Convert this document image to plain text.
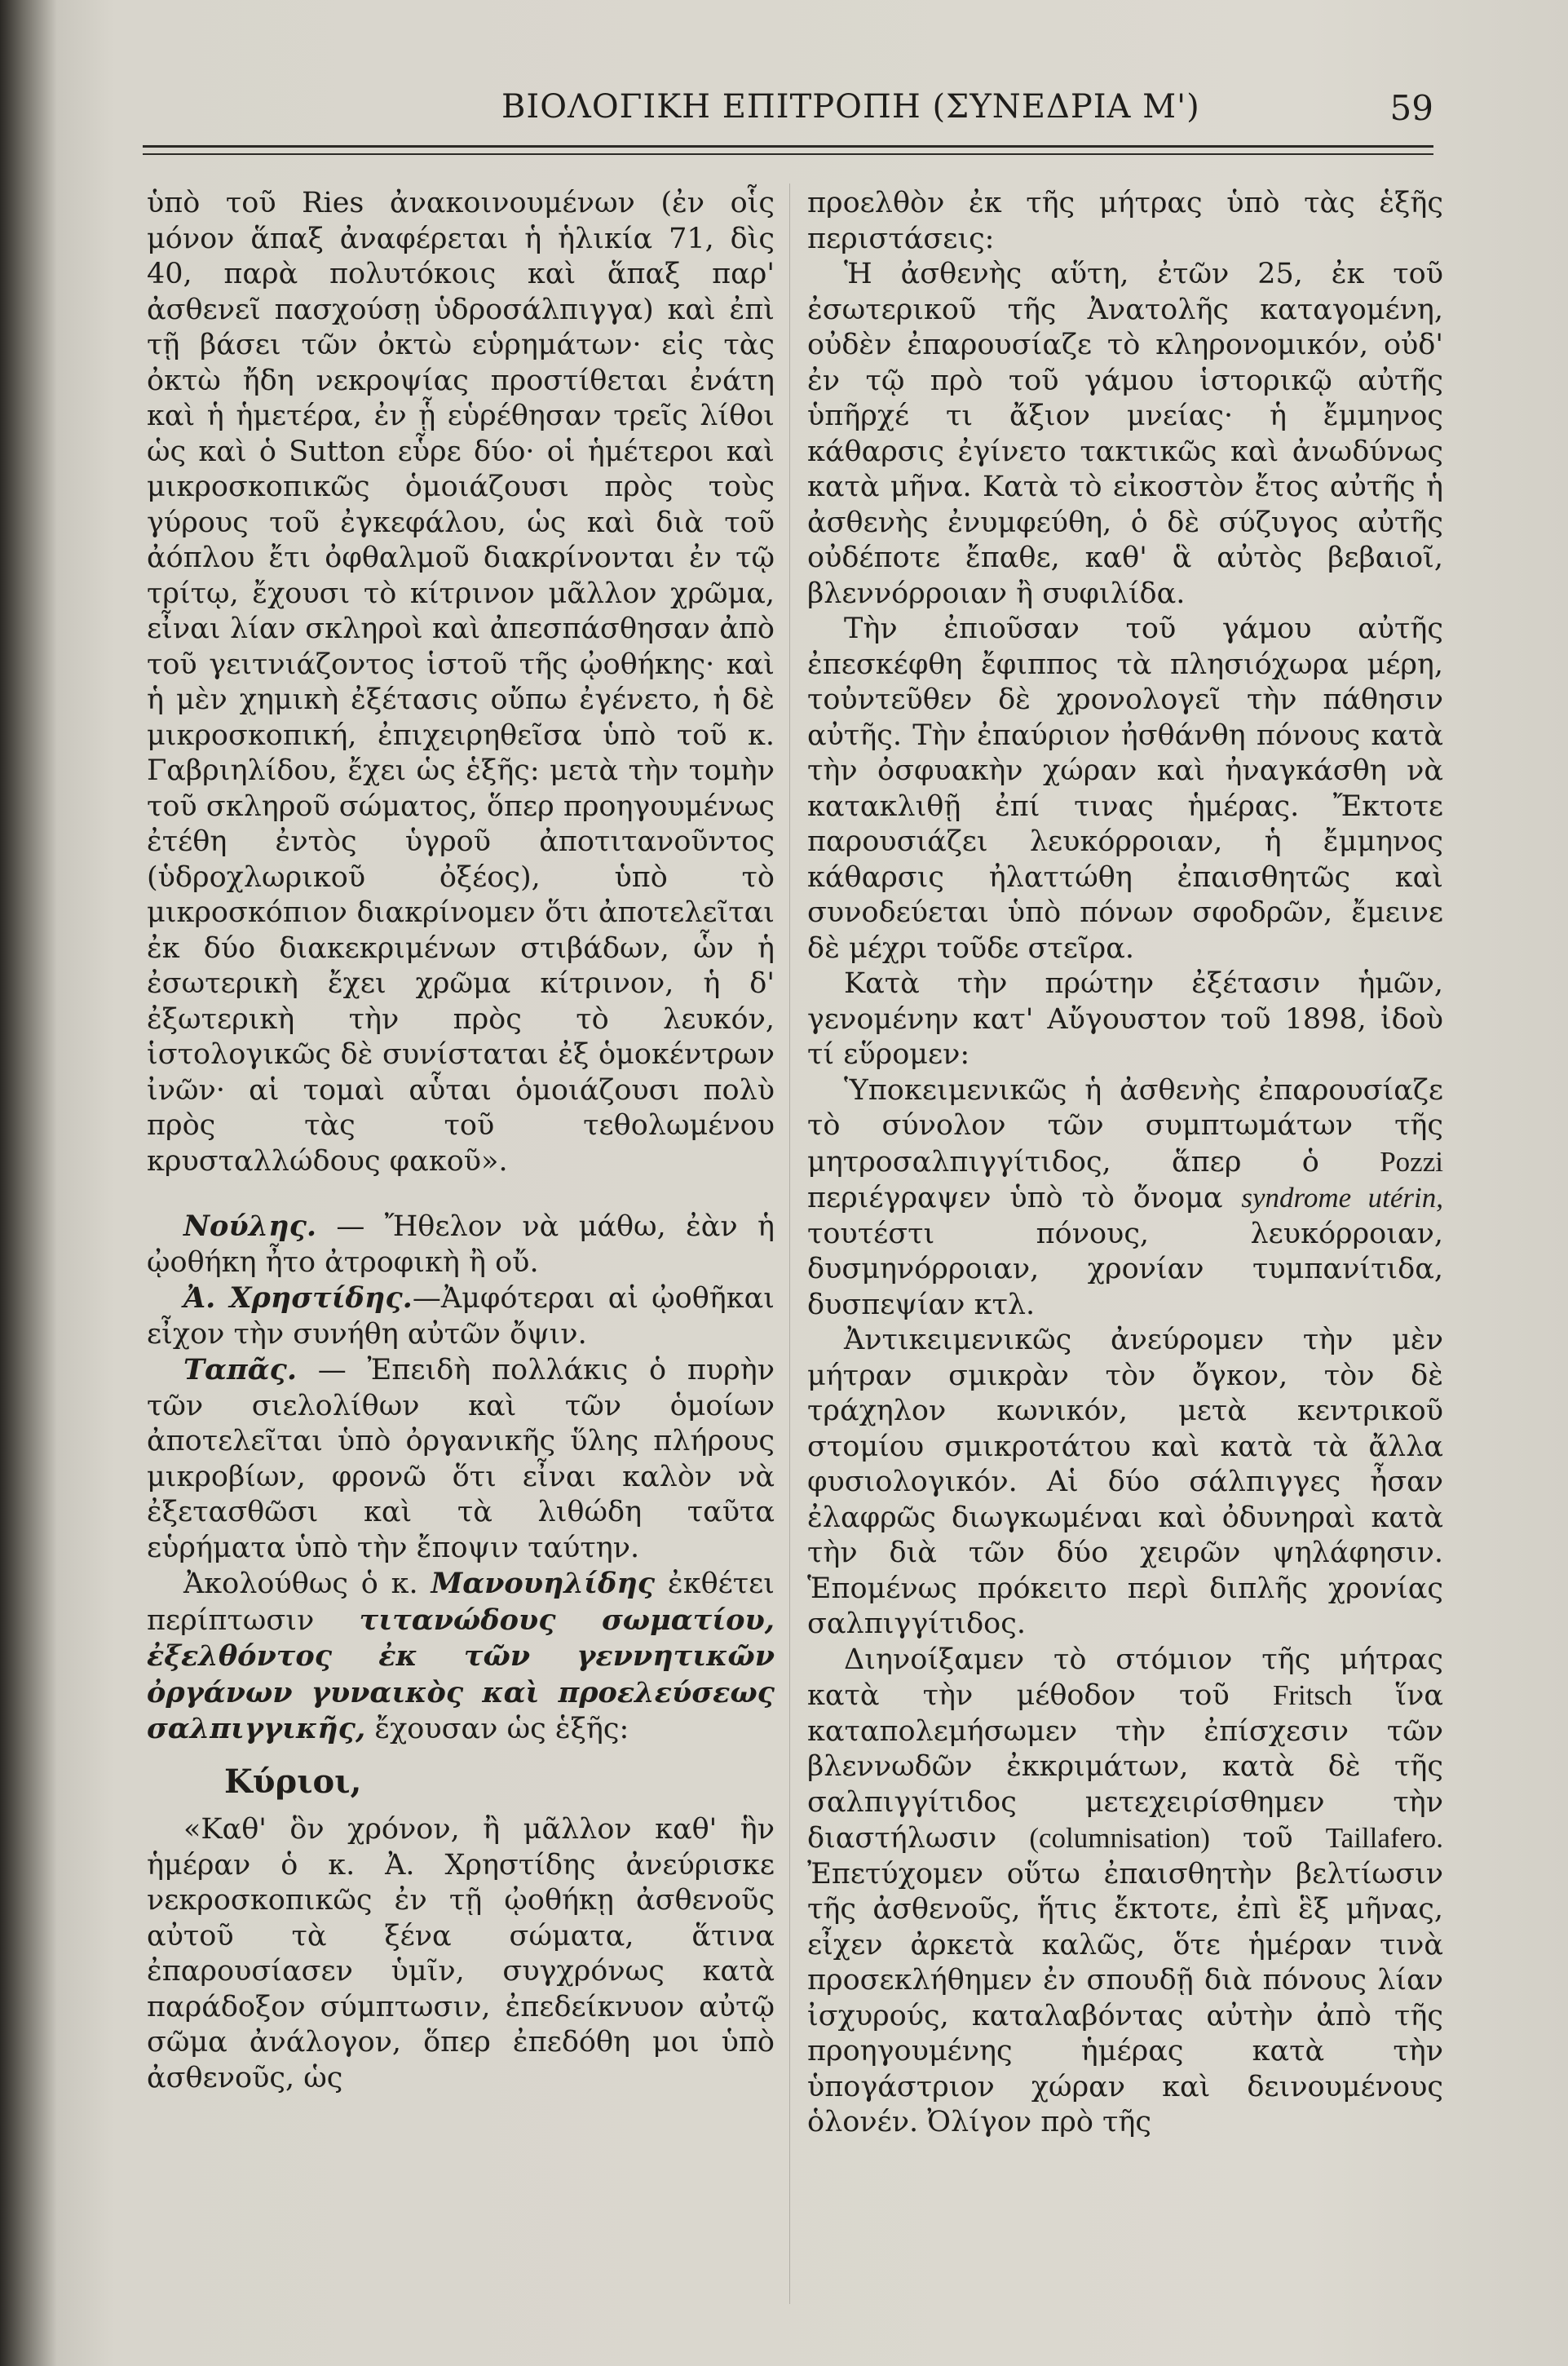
ΒΙΟΛΟΓΙΚΗ ΕΠΙΤΡΟΠΗ (ΣΥΝΕΔΡΙΑ Μ')	59

ὑπὸ τοῦ Ries ἀνακοινουμένων (ἐν οἷς μόνον ἅπαξ ἀναφέρεται ἡ ἡλικία 71, δὶς 40, παρὰ πολυτόκοις καὶ ἅπαξ παρ' ἀσθενεῖ πασχούσῃ ὑδροσάλπιγγα) καὶ ἐπὶ τῇ βάσει τῶν ὀκτὼ εὑρημάτων· εἰς τὰς ὀκτὼ ἤδη νεκροψίας προστίθεται ἐνάτη καὶ ἡ ἡμετέρα, ἐν ᾗ εὑρέθησαν τρεῖς λίθοι ὡς καὶ ὁ Sutton εὗρε δύο· οἱ ἡμέτεροι καὶ μικροσκοπικῶς ὁμοιάζουσι πρὸς τοὺς γύρους τοῦ ἐγκεφάλου, ὡς καὶ διὰ τοῦ ἀόπλου ἔτι ὀφθαλμοῦ διακρίνονται ἐν τῷ τρίτῳ, ἔχουσι τὸ κίτρινον μᾶλλον χρῶμα, εἶναι λίαν σκληροὶ καὶ ἀπεσπάσθησαν ἀπὸ τοῦ γειτνιάζοντος ἱστοῦ τῆς ᾠοθήκης· καὶ ἡ μὲν χημικὴ ἐξέτασις οὔπω ἐγένετο, ἡ δὲ μικροσκοπική, ἐπιχειρηθεῖσα ὑπὸ τοῦ κ. Γαβριηλίδου, ἔχει ὡς ἑξῆς: μετὰ τὴν τομὴν τοῦ σκληροῦ σώματος, ὅπερ προηγουμένως ἐτέθη ἐντὸς ὑγροῦ ἀποτιτανοῦντος (ὑδροχλωρικοῦ ὀξέος), ὑπὸ τὸ μικροσκόπιον διακρίνομεν ὅτι ἀποτελεῖται ἐκ δύο διακεκριμένων στιβάδων, ὧν ἡ ἐσωτερικὴ ἔχει χρῶμα κίτρινον, ἡ δ' ἐξωτερικὴ τὴν πρὸς τὸ λευκόν, ἱστολογικῶς δὲ συνίσταται ἐξ ὁμοκέντρων ἰνῶν· αἱ τομαὶ αὗται ὁμοιάζουσι πολὺ πρὸς τὰς τοῦ τεθολωμένου κρυσταλλώδους φακοῦ».

Νούλης. — Ἤθελον νὰ μάθω, ἐὰν ἡ ᾠοθήκη ἦτο ἀτροφικὴ ἢ οὔ.

Ἀ. Χρηστίδης.—Ἀμφότεραι αἱ ᾠοθῆκαι εἶχον τὴν συνήθη αὐτῶν ὄψιν.

Ταπᾶς. — Ἐπειδὴ πολλάκις ὁ πυρὴν τῶν σιελολίθων καὶ τῶν ὁμοίων ἀποτελεῖται ὑπὸ ὀργανικῆς ὕλης πλήρους μικροβίων, φρονῶ ὅτι εἶναι καλὸν νὰ ἐξετασθῶσι καὶ τὰ λιθώδη ταῦτα εὑρήματα ὑπὸ τὴν ἔποψιν ταύτην.

Ἀκολούθως ὁ κ. Μανουηλίδης ἐκθέτει περίπτωσιν τιτανώδους σωματίου, ἐξελθόντος ἐκ τῶν γεννητικῶν ὀργάνων γυναικὸς καὶ προελεύσεως σαλπιγγικῆς, ἔχουσαν ὡς ἑξῆς:

Κύριοι,

«Καθ' ὃν χρόνον, ἢ μᾶλλον καθ' ἣν ἡμέραν ὁ κ. Ἀ. Χρηστίδης ἀνεύρισκε νεκροσκοπικῶς ἐν τῇ ᾠοθήκῃ ἀσθενοῦς αὐτοῦ τὰ ξένα σώματα, ἅτινα ἐπαρουσίασεν ὑμῖν, συγχρόνως κατὰ παράδοξον σύμπτωσιν, ἐπεδείκνυον αὐτῷ σῶμα ἀνάλογον, ὅπερ ἐπεδόθη μοι ὑπὸ ἀσθενοῦς, ὡς

προελθὸν ἐκ τῆς μήτρας ὑπὸ τὰς ἑξῆς περιστάσεις:

Ἡ ἀσθενὴς αὕτη, ἐτῶν 25, ἐκ τοῦ ἐσωτερικοῦ τῆς Ἀνατολῆς καταγομένη, οὐδὲν ἐπαρουσίαζε τὸ κληρονομικόν, οὐδ' ἐν τῷ πρὸ τοῦ γάμου ἱστορικῷ αὐτῆς ὑπῆρχέ τι ἄξιον μνείας· ἡ ἔμμηνος κάθαρσις ἐγίνετο τακτικῶς καὶ ἀνωδύνως κατὰ μῆνα. Κατὰ τὸ εἰκοστὸν ἔτος αὐτῆς ἡ ἀσθενὴς ἐνυμφεύθη, ὁ δὲ σύζυγος αὐτῆς οὐδέποτε ἔπαθε, καθ' ἃ αὐτὸς βεβαιοῖ, βλεννόρροιαν ἢ συφιλίδα.

Τὴν ἐπιοῦσαν τοῦ γάμου αὐτῆς ἐπεσκέφθη ἔφιππος τὰ πλησιόχωρα μέρη, τοὐντεῦθεν δὲ χρονολογεῖ τὴν πάθησιν αὐτῆς. Τὴν ἐπαύριον ἠσθάνθη πόνους κατὰ τὴν ὀσφυακὴν χώραν καὶ ἠναγκάσθη νὰ κατακλιθῇ ἐπί τινας ἡμέρας. Ἔκτοτε παρουσιάζει λευκόρροιαν, ἡ ἔμμηνος κάθαρσις ἠλαττώθη ἐπαισθητῶς καὶ συνοδεύεται ὑπὸ πόνων σφοδρῶν, ἔμεινε δὲ μέχρι τοῦδε στεῖρα.

Κατὰ τὴν πρώτην ἐξέτασιν ἡμῶν, γενομένην κατ' Αὔγουστον τοῦ 1898, ἰδοὺ τί εὕρομεν:

Ὑποκειμενικῶς ἡ ἀσθενὴς ἐπαρουσίαζε τὸ σύνολον τῶν συμπτωμάτων τῆς μητροσαλπιγγίτιδος, ἅπερ ὁ Pozzi περιέγραψεν ὑπὸ τὸ ὄνομα syndrome utérin, τουτέστι πόνους, λευκόρροιαν, δυσμηνόρροιαν, χρονίαν τυμπανίτιδα, δυσπεψίαν κτλ.

Ἀντικειμενικῶς ἀνεύρομεν τὴν μὲν μήτραν σμικρὰν τὸν ὄγκον, τὸν δὲ τράχηλον κωνικόν, μετὰ κεντρικοῦ στομίου σμικροτάτου καὶ κατὰ τὰ ἄλλα φυσιολογικόν. Αἱ δύο σάλπιγγες ἦσαν ἐλαφρῶς διωγκωμέναι καὶ ὀδυνηραὶ κατὰ τὴν διὰ τῶν δύο χειρῶν ψηλάφησιν. Ἑπομένως πρόκειτο περὶ διπλῆς χρονίας σαλπιγγίτιδος.

Διηνοίξαμεν τὸ στόμιον τῆς μήτρας κατὰ τὴν μέθοδον τοῦ Fritsch ἵνα καταπολεμήσωμεν τὴν ἐπίσχεσιν τῶν βλεννωδῶν ἐκκριμάτων, κατὰ δὲ τῆς σαλπιγγίτιδος μετεχειρίσθημεν τὴν διαστήλωσιν (columnisation) τοῦ Taillafero. Ἐπετύχομεν οὕτω ἐπαισθητὴν βελτίωσιν τῆς ἀσθενοῦς, ἥτις ἔκτοτε, ἐπὶ ἓξ μῆνας, εἶχεν ἀρκετὰ καλῶς, ὅτε ἡμέραν τινὰ προσεκλήθημεν ἐν σπουδῇ διὰ πόνους λίαν ἰσχυρούς, καταλαβόντας αὐτὴν ἀπὸ τῆς προηγουμένης ἡμέρας κατὰ τὴν ὑπογάστριον χώραν καὶ δεινουμένους ὁλονέν. Ὀλίγον πρὸ τῆς
